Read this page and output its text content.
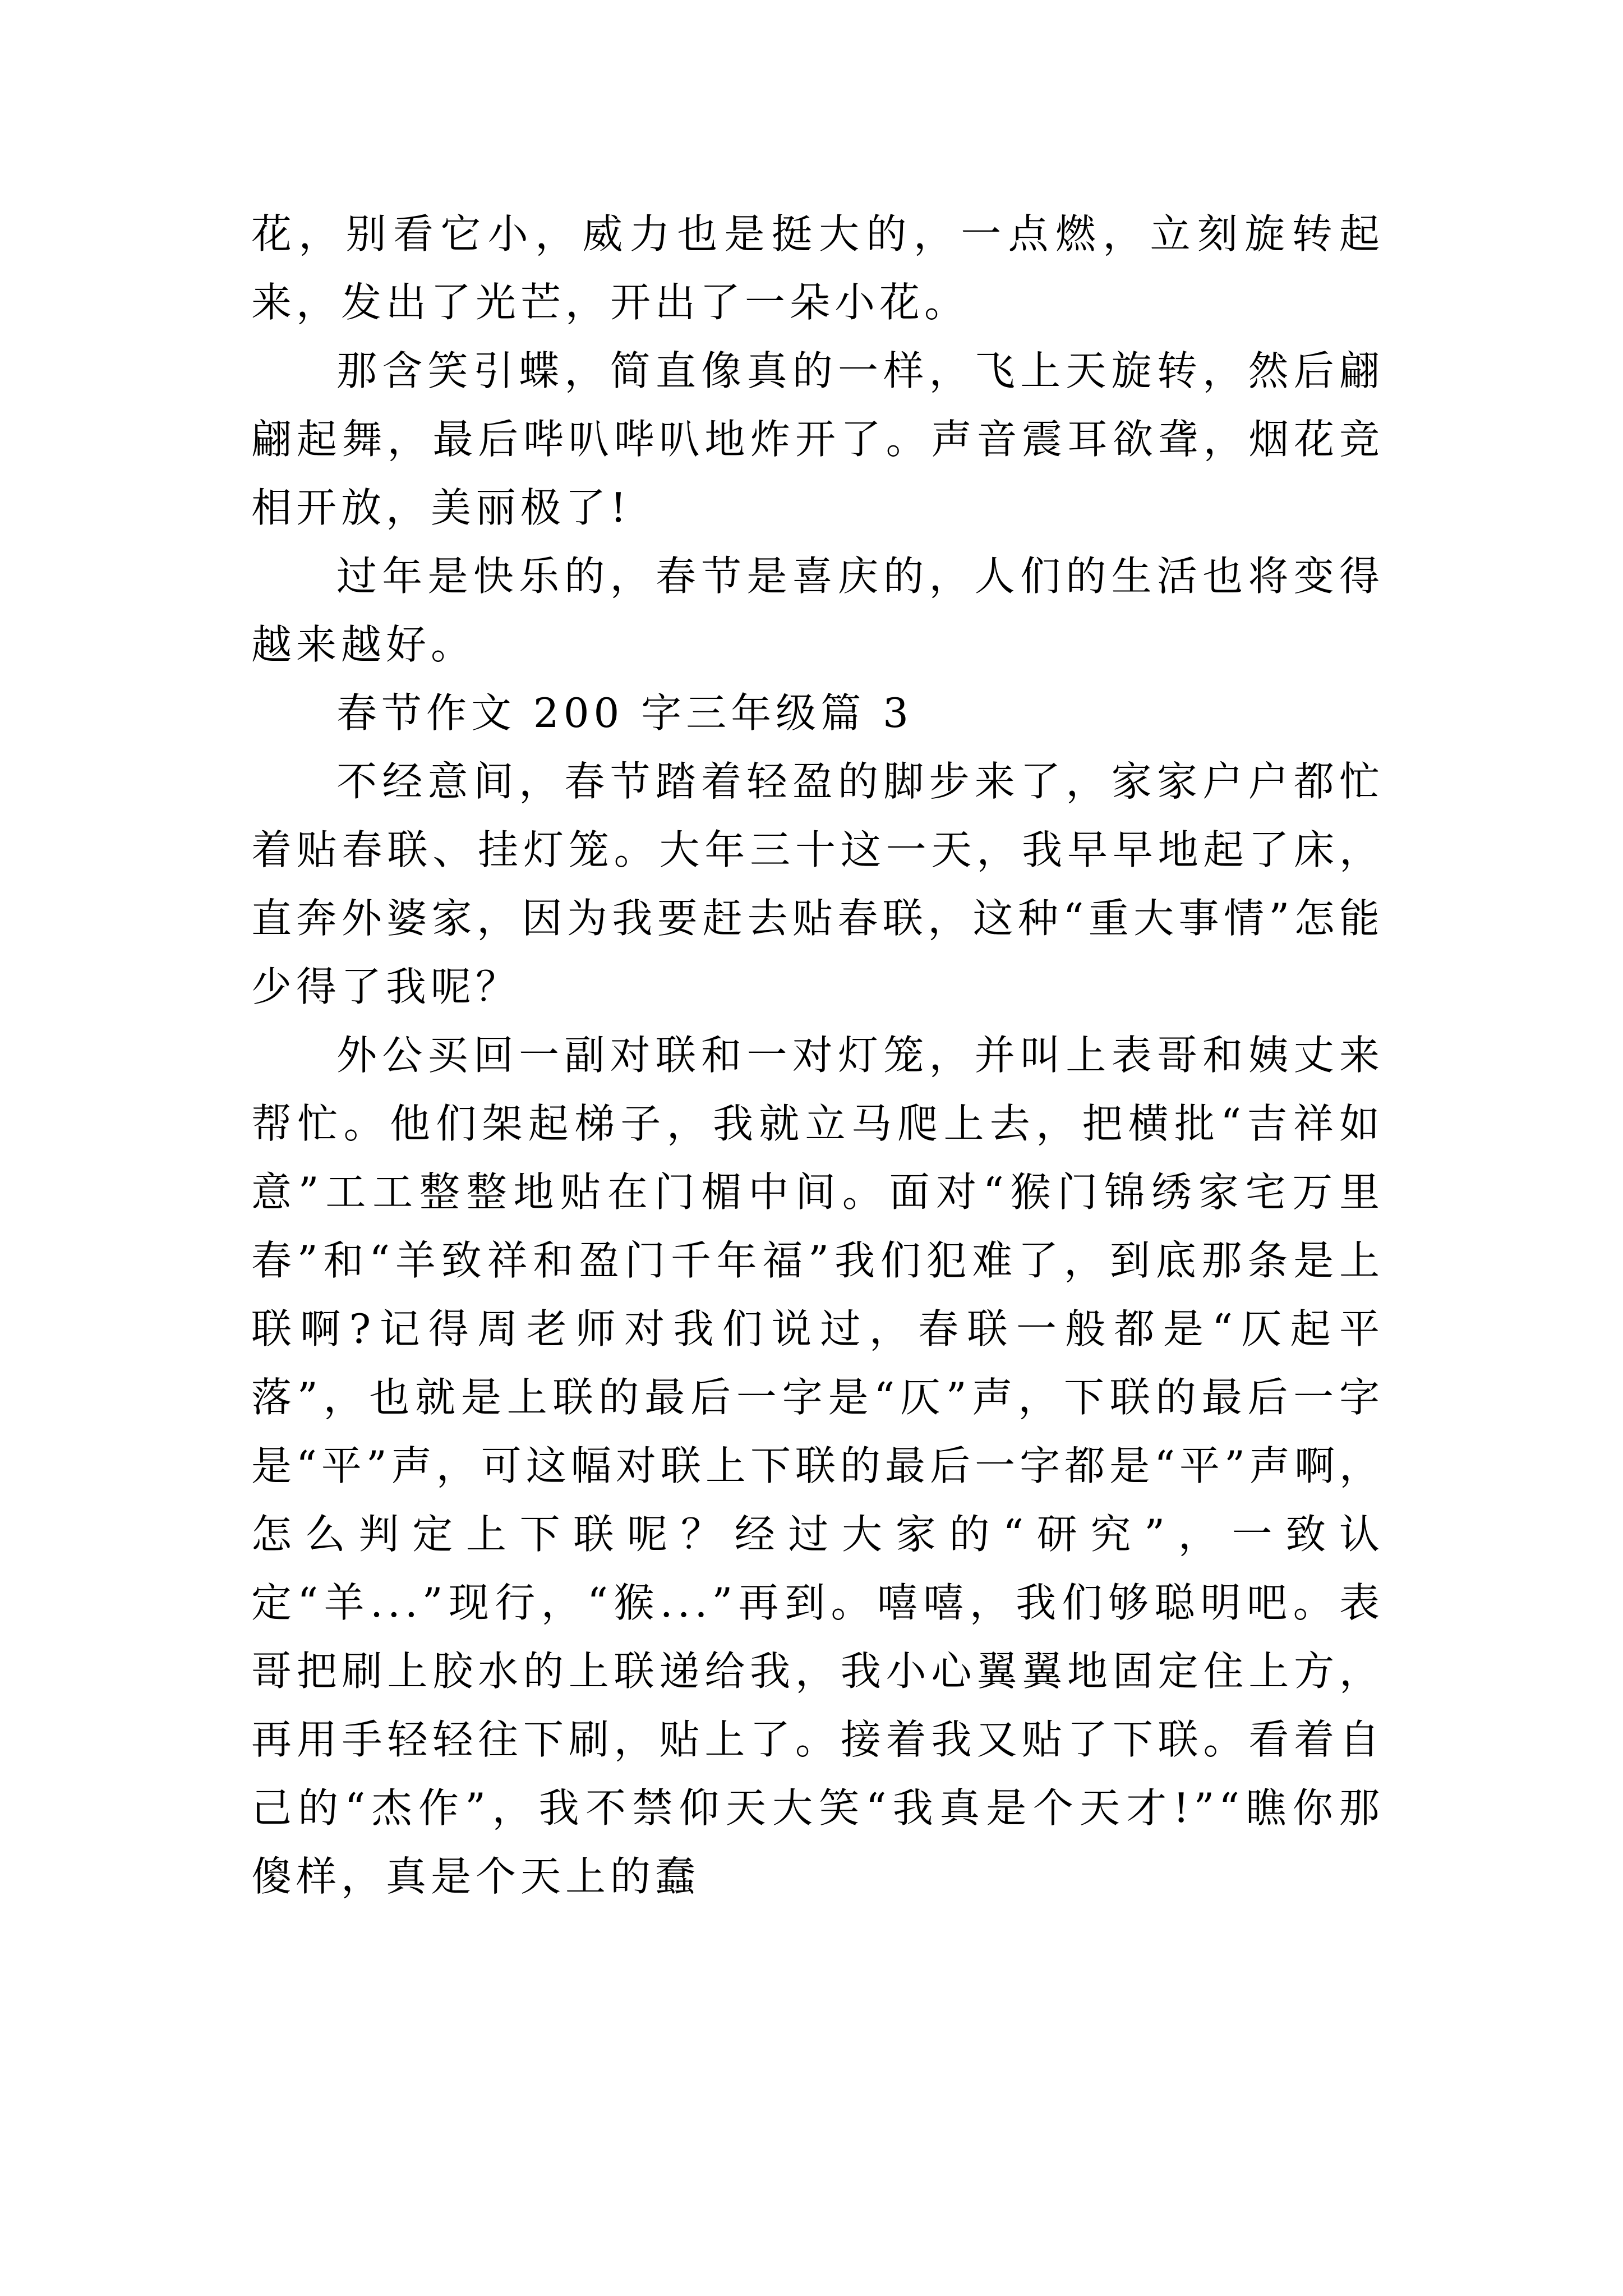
花，别看它小，威力也是挺大的，一点燃，立刻旋转起来，发出了光芒，开出了一朵小花。

那含笑引蝶，简直像真的一样，飞上天旋转，然后翩翩起舞，最后哔叭哔叭地炸开了。声音震耳欲聋，烟花竞相开放，美丽极了!

过年是快乐的，春节是喜庆的，人们的生活也将变得越来越好。

春节作文 200 字三年级篇 3

不经意间，春节踏着轻盈的脚步来了，家家户户都忙着贴春联、挂灯笼。大年三十这一天，我早早地起了床，直奔外婆家，因为我要赶去贴春联，这种“重大事情”怎能少得了我呢？

外公买回一副对联和一对灯笼，并叫上表哥和姨丈来帮忙。他们架起梯子，我就立马爬上去，把横批“吉祥如意”工工整整地贴在门楣中间。面对“猴门锦绣家宅万里春”和“羊致祥和盈门千年福”我们犯难了，到底那条是上联啊?记得周老师对我们说过，春联一般都是“仄起平落”，也就是上联的最后一字是“仄”声，下联的最后一字是“平”声，可这幅对联上下联的最后一字都是“平”声啊，怎么判定上下联呢？经过大家的“研究”，一致认定“羊...”现行，“猴...”再到。嘻嘻，我们够聪明吧。表哥把刷上胶水的上联递给我，我小心翼翼地固定住上方，再用手轻轻往下刷，贴上了。接着我又贴了下联。看着自己的“杰作”，我不禁仰天大笑“我真是个天才!”“瞧你那傻样，真是个天上的蠢
